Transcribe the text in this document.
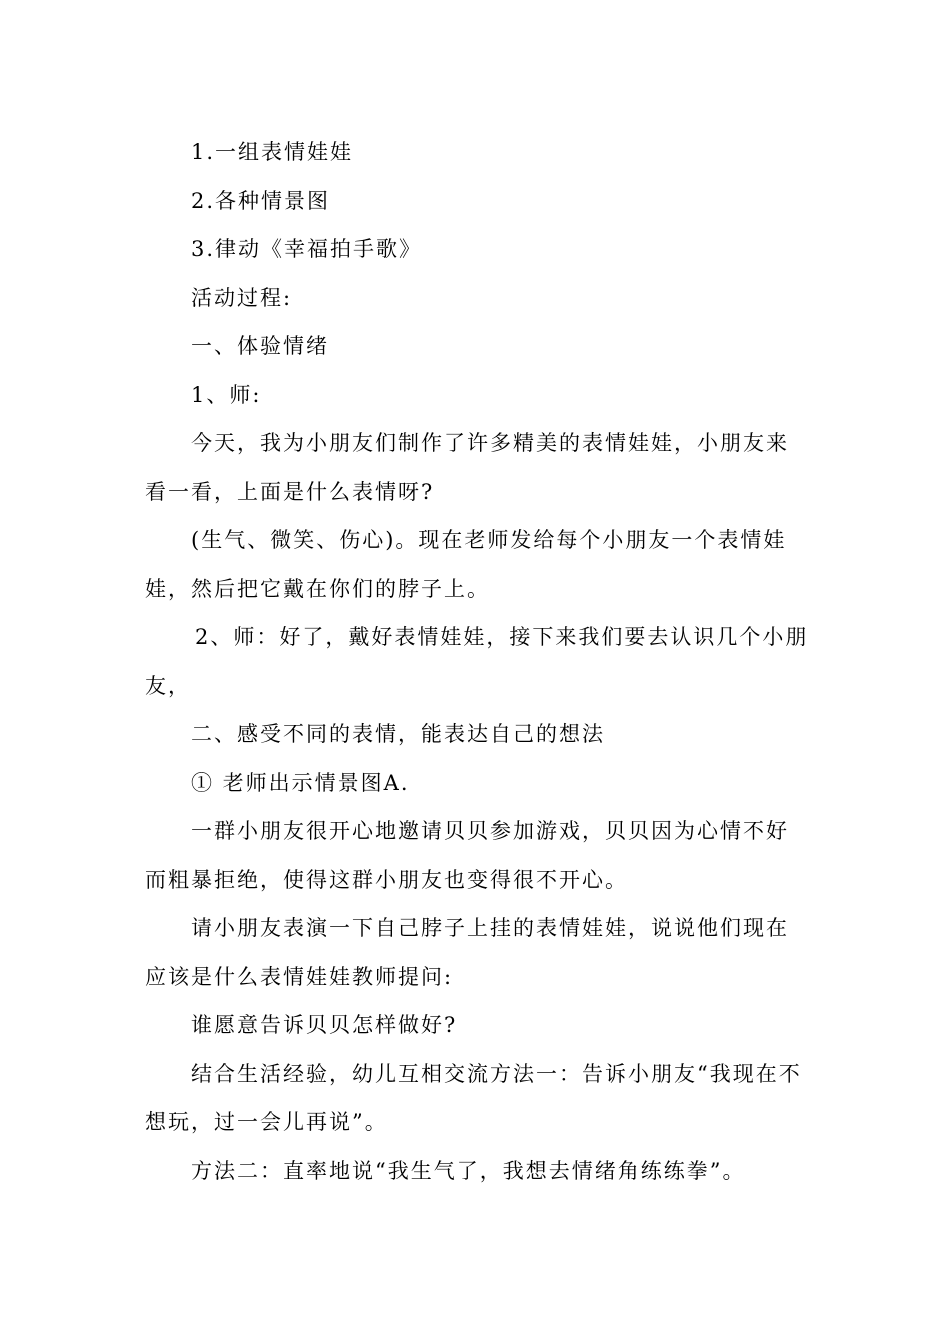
1.一组表情娃娃

2.各种情景图

3.律动《幸福拍手歌》

活动过程:

一、体验情绪

1、师:

今天，我为小朋友们制作了许多精美的表情娃娃，小朋友来看一看，上面是什么表情呀?

(生气、微笑、伤心)。现在老师发给每个小朋友一个表情娃娃，然后把它戴在你们的脖子上。

2、师：好了，戴好表情娃娃，接下来我们要去认识几个小朋友，

二、感受不同的表情，能表达自己的想法

① 老师出示情景图A.

一群小朋友很开心地邀请贝贝参加游戏，贝贝因为心情不好而粗暴拒绝，使得这群小朋友也变得很不开心。

请小朋友表演一下自己脖子上挂的表情娃娃，说说他们现在应该是什么表情娃娃教师提问:

谁愿意告诉贝贝怎样做好?

结合生活经验，幼儿互相交流方法一：告诉小朋友“我现在不想玩，过一会儿再说”。

方法二：直率地说“我生气了，我想去情绪角练练拳”。
